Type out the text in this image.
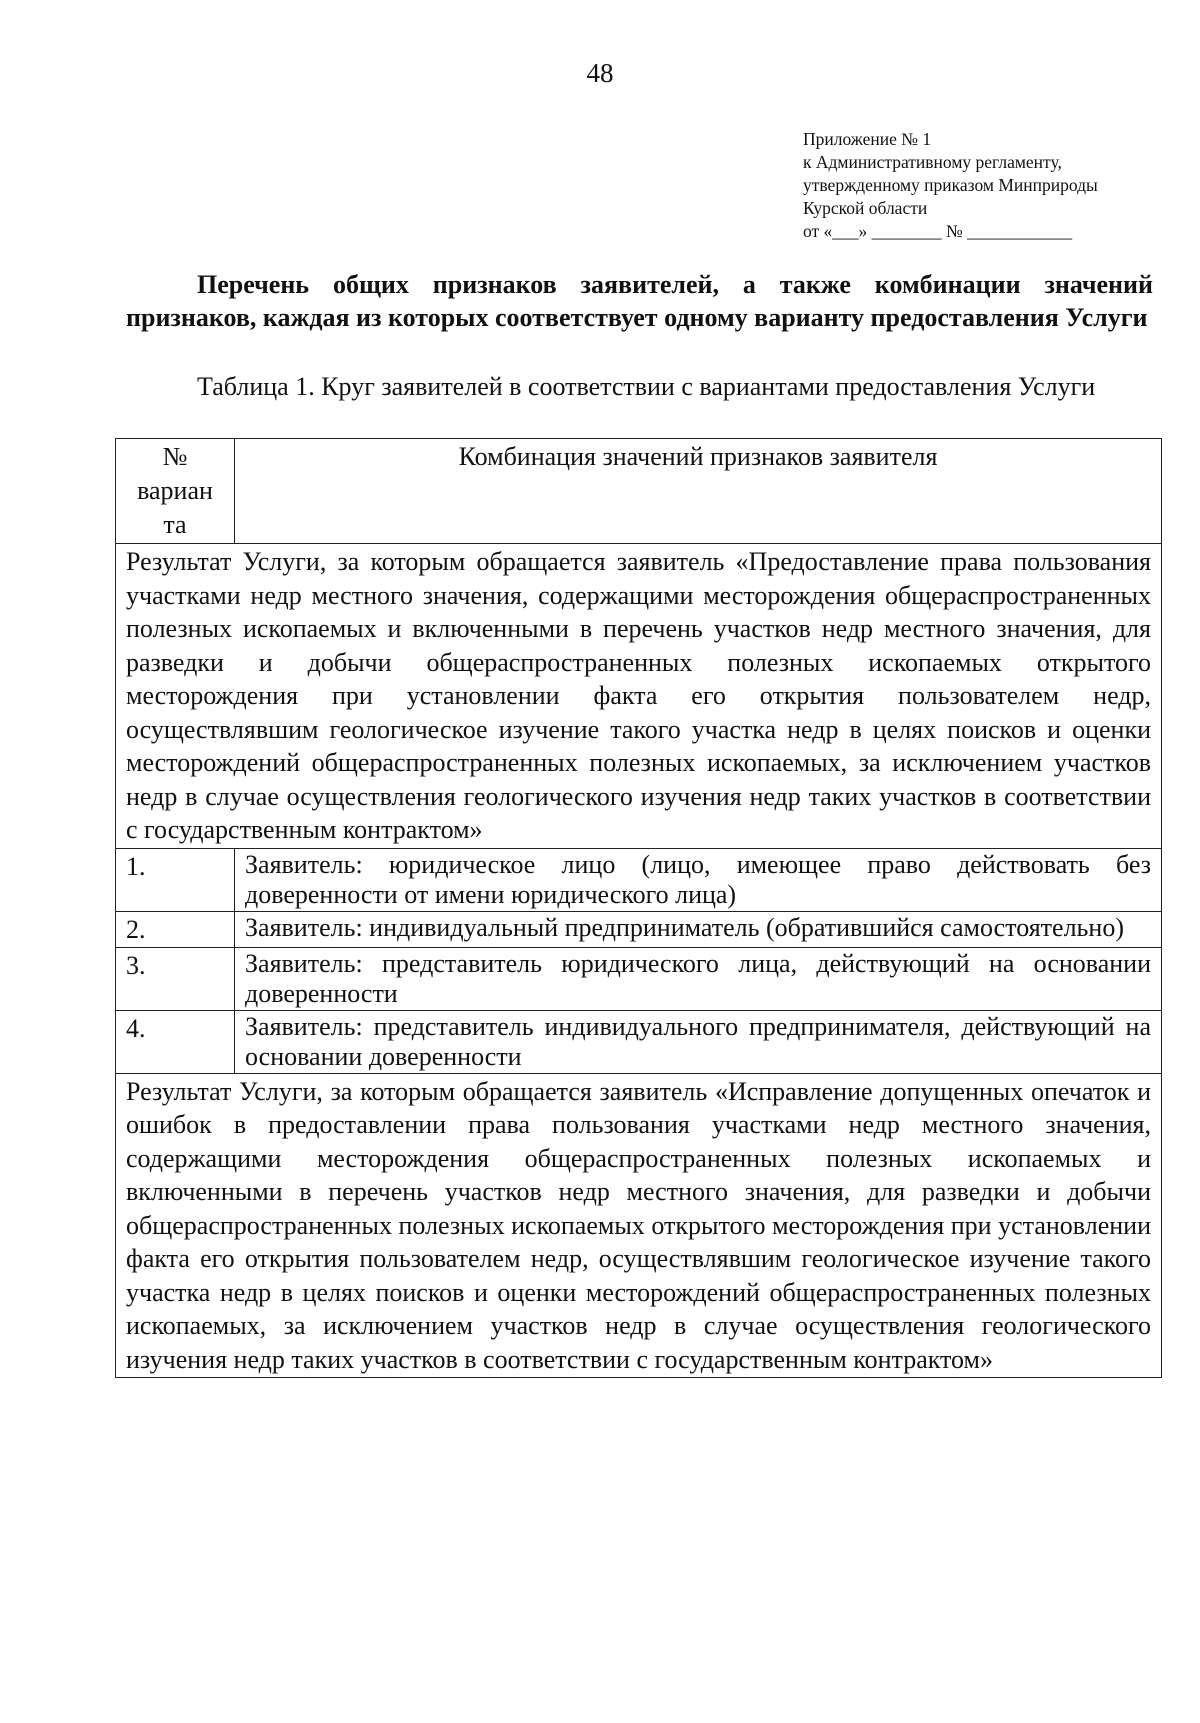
48
Приложение № 1
к Административному регламенту,
утвержденному приказом Минприроды
Курской области
от «___» ________ № ____________
Перечень общих признаков заявителей, а также комбинации значений признаков, каждая из которых соответствует одному варианту предоставления Услуги
Таблица 1. Круг заявителей в соответствии с вариантами предоставления Услуги
№ вариан та	Комбинация значений признаков заявителя
Результат Услуги, за которым обращается заявитель «Предоставление права пользования участками недр местного значения, содержащими месторождения общераспространенных полезных ископаемых и включенными в перечень участков недр местного значения, для разведки и добычи общераспространенных полезных ископаемых открытого месторождения при установлении факта его открытия пользователем недр, осуществлявшим геологическое изучение такого участка недр в целях поисков и оценки месторождений общераспространенных полезных ископаемых, за исключением участков недр в случае осуществления геологического изучения недр таких участков в соответствии с государственным контрактом»	
1.	Заявитель: юридическое лицо (лицо, имеющее право действовать без доверенности от имени юридического лица)
2.	Заявитель: индивидуальный предприниматель (обратившийся самостоятельно)
3.	Заявитель: представитель юридического лица, действующий на основании доверенности
4.	Заявитель: представитель индивидуального предпринимателя, действующий на основании доверенности
Результат Услуги, за которым обращается заявитель «Исправление допущенных опечаток и ошибок в предоставлении права пользования участками недр местного значения, содержащими месторождения общераспространенных полезных ископаемых и включенными в перечень участков недр местного значения, для разведки и добычи общераспространенных полезных ископаемых открытого месторождения при установлении факта его открытия пользователем недр, осуществлявшим геологическое изучение такого участка недр в целях поисков и оценки месторождений общераспространенных полезных ископаемых, за исключением участков недр в случае осуществления геологического изучения недр таких участков в соответствии с государственным контрактом»	
